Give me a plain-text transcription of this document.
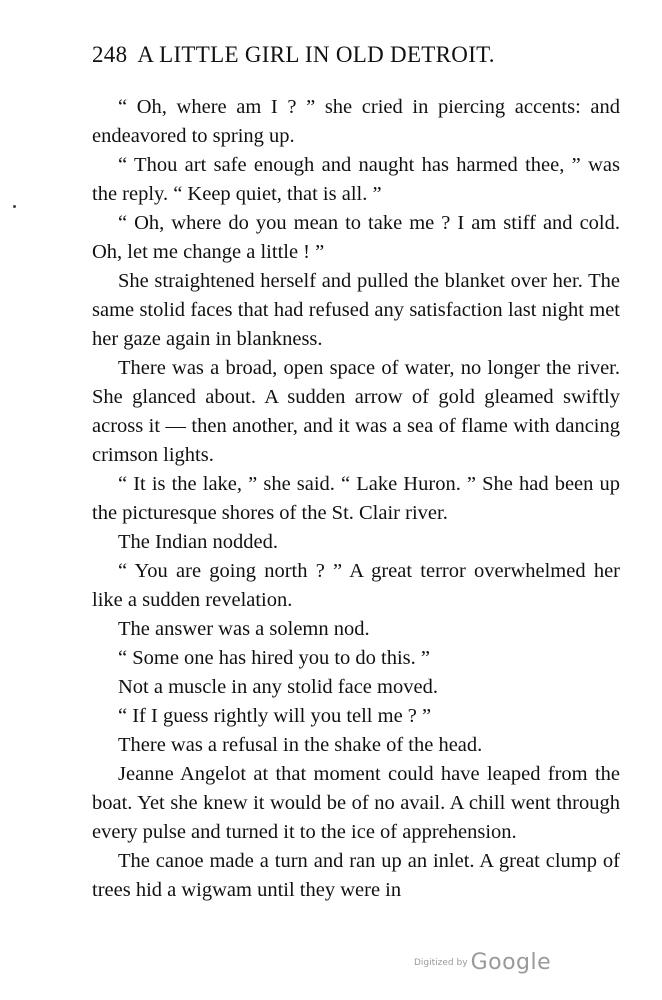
248 A LITTLE GIRL IN OLD DETROIT.

“ Oh, where am I ? ” she cried in piercing accents: and endeavored to spring up.

“ Thou art safe enough and naught has harmed thee, ” was the reply. “ Keep quiet, that is all. ”

“ Oh, where do you mean to take me ? I am stiff and cold. Oh, let me change a little ! ”

She straightened herself and pulled the blanket over her. The same stolid faces that had refused any satisfaction last night met her gaze again in blankness.

There was a broad, open space of water, no longer the river. She glanced about. A sudden arrow of gold gleamed swiftly across it — then another, and it was a sea of flame with dancing crimson lights.

“ It is the lake, ” she said. “ Lake Huron. ” She had been up the picturesque shores of the St. Clair river.

The Indian nodded.

“ You are going north ? ” A great terror overwhelmed her like a sudden revelation.

The answer was a solemn nod.

“ Some one has hired you to do this. ”

Not a muscle in any stolid face moved.

“ If I guess rightly will you tell me ? ”

There was a refusal in the shake of the head.

Jeanne Angelot at that moment could have leaped from the boat. Yet she knew it would be of no avail. A chill went through every pulse and turned it to the ice of apprehension.

The canoe made a turn and ran up an inlet. A great clump of trees hid a wigwam until they were in

$^{Digitized by}$ Google
